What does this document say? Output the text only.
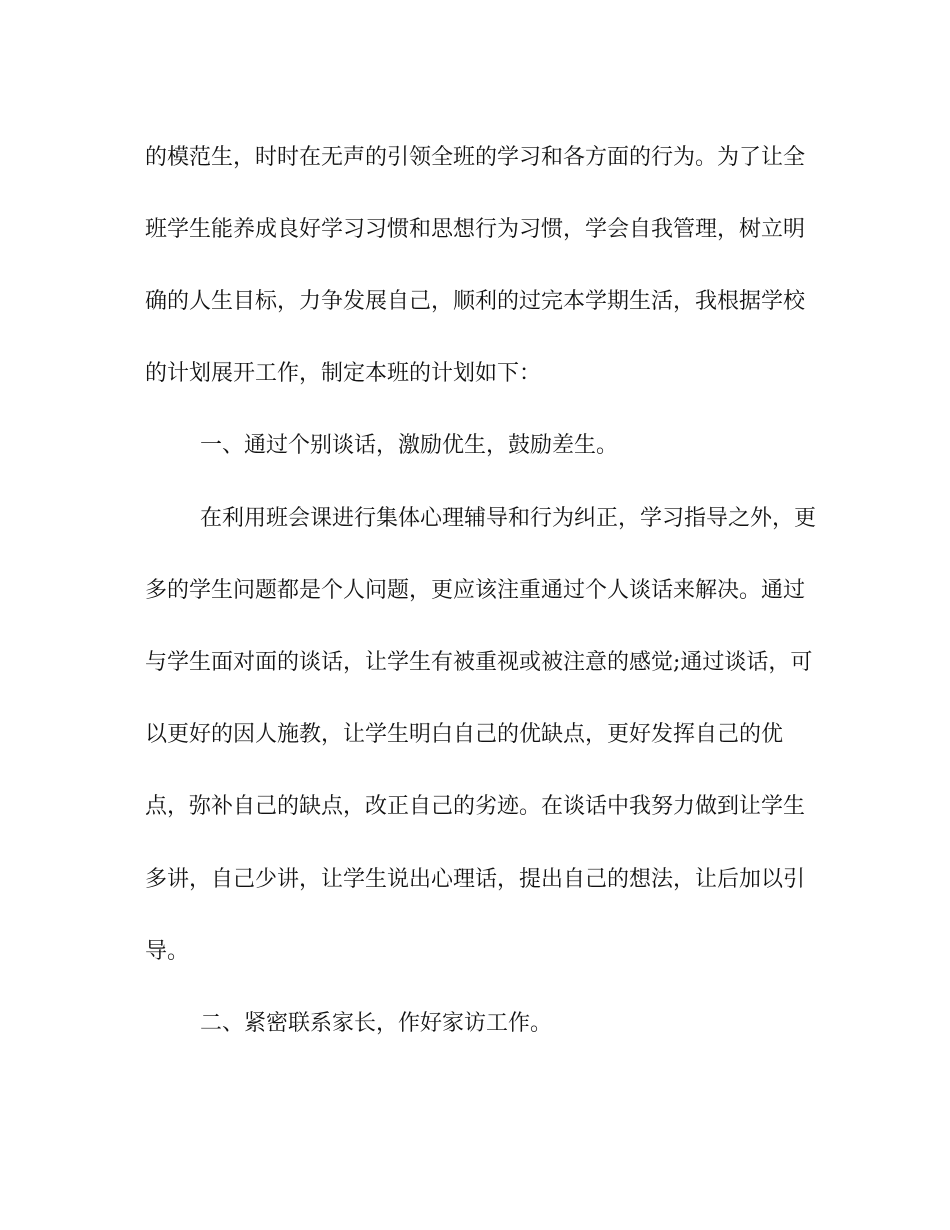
的模范生，时时在无声的引领全班的学习和各方面的行为。为了让全
班学生能养成良好学习习惯和思想行为习惯，学会自我管理，树立明
确的人生目标，力争发展自己，顺利的过完本学期生活，我根据学校
的计划展开工作，制定本班的计划如下：
一、通过个别谈话，激励优生，鼓励差生。
在利用班会课进行集体心理辅导和行为纠正，学习指导之外，更
多的学生问题都是个人问题，更应该注重通过个人谈话来解决。通过
与学生面对面的谈话，让学生有被重视或被注意的感觉;通过谈话，可
以更好的因人施教，让学生明白自己的优缺点，更好发挥自己的优
点，弥补自己的缺点，改正自己的劣迹。在谈话中我努力做到让学生
多讲，自己少讲，让学生说出心理话，提出自己的想法，让后加以引
导。
二、紧密联系家长，作好家访工作。
